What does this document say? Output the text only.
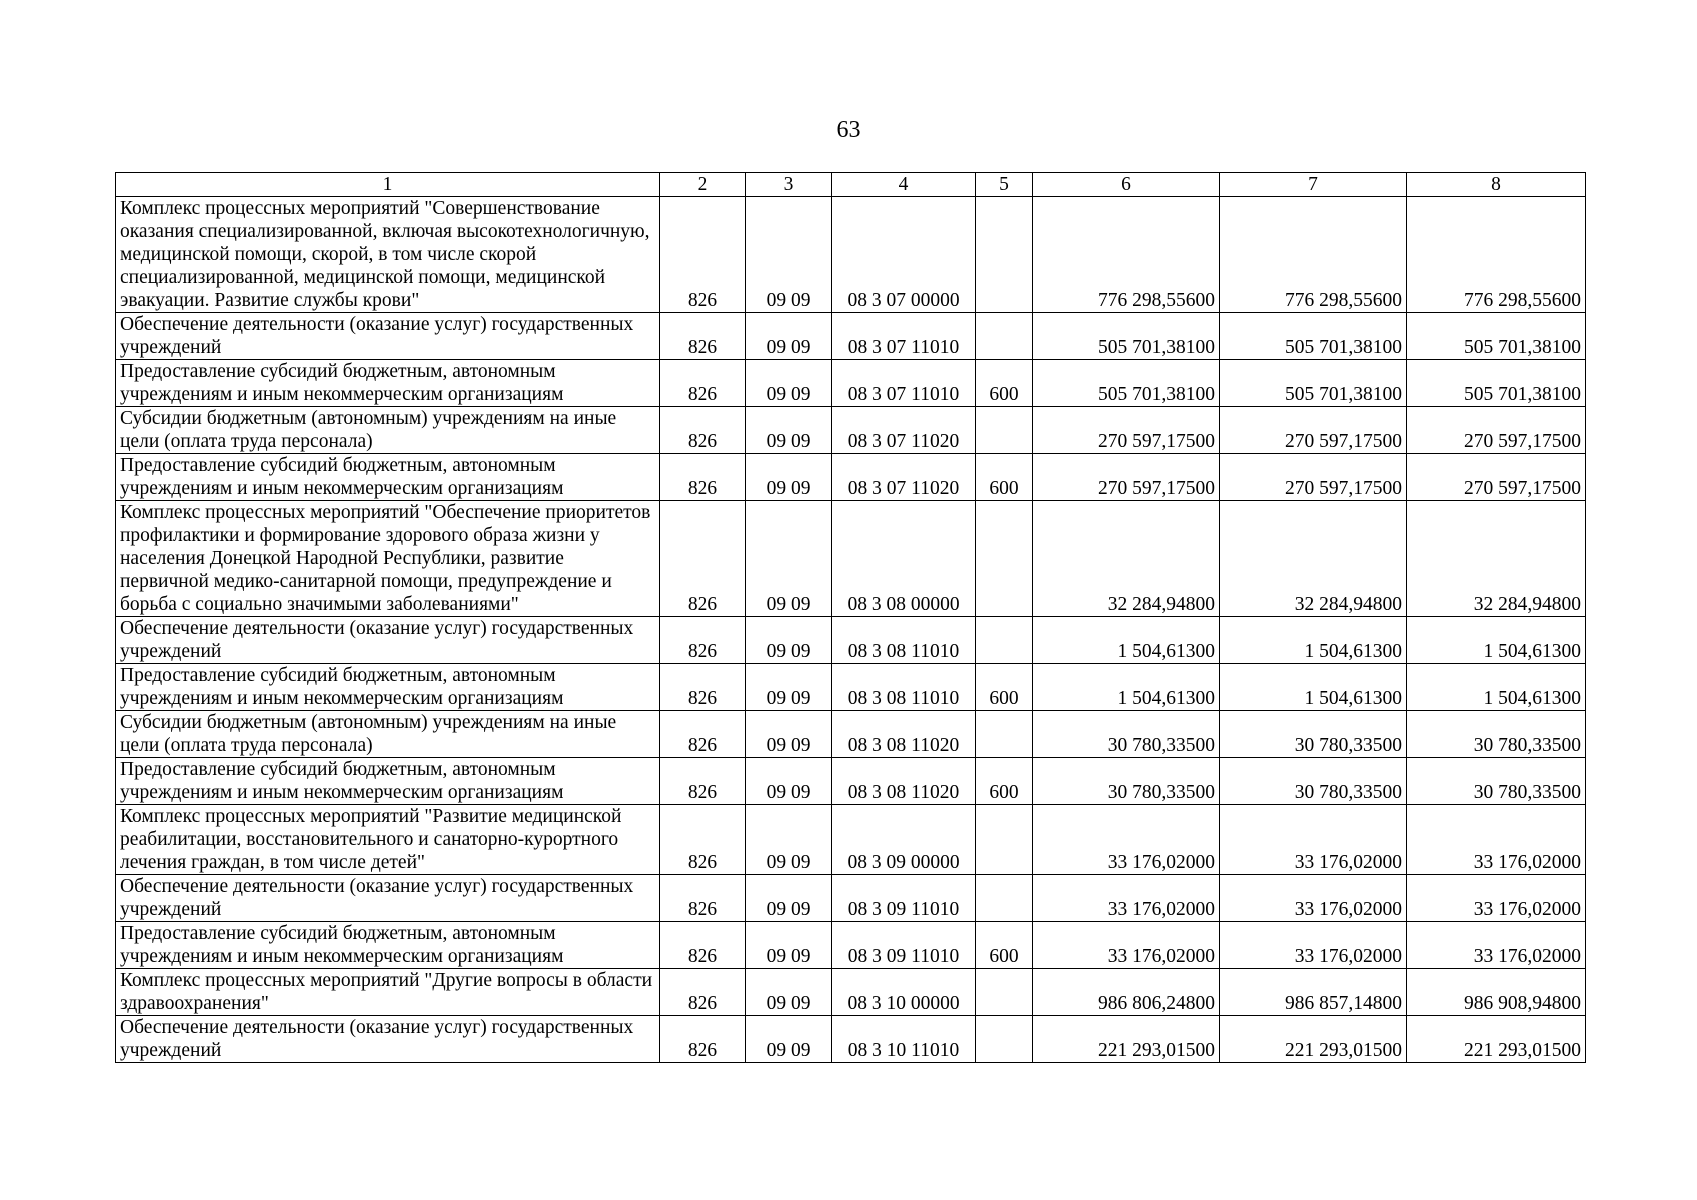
63
1	2	3	4	5	6	7	8
Комплекс процессных мероприятий "Совершенствование оказания специализированной, включая высокотехнологичную, медицинской помощи, скорой, в том числе скорой специализированной, медицинской помощи, медицинской эвакуации. Развитие службы крови"	826	09 09	08 3 07 00000		776 298,55600	776 298,55600	776 298,55600
Обеспечение деятельности (оказание услуг) государственных учреждений	826	09 09	08 3 07 11010		505 701,38100	505 701,38100	505 701,38100
Предоставление субсидий бюджетным, автономным учреждениям и иным некоммерческим организациям	826	09 09	08 3 07 11010	600	505 701,38100	505 701,38100	505 701,38100
Субсидии бюджетным (автономным) учреждениям на иные цели (оплата труда персонала)	826	09 09	08 3 07 11020		270 597,17500	270 597,17500	270 597,17500
Предоставление субсидий бюджетным, автономным учреждениям и иным некоммерческим организациям	826	09 09	08 3 07 11020	600	270 597,17500	270 597,17500	270 597,17500
Комплекс процессных мероприятий "Обеспечение приоритетов профилактики и формирование здорового образа жизни у населения Донецкой Народной Республики, развитие первичной медико-санитарной помощи, предупреждение и борьба с социально значимыми заболеваниями"	826	09 09	08 3 08 00000		32 284,94800	32 284,94800	32 284,94800
Обеспечение деятельности (оказание услуг) государственных учреждений	826	09 09	08 3 08 11010		1 504,61300	1 504,61300	1 504,61300
Предоставление субсидий бюджетным, автономным учреждениям и иным некоммерческим организациям	826	09 09	08 3 08 11010	600	1 504,61300	1 504,61300	1 504,61300
Субсидии бюджетным (автономным) учреждениям на иные цели (оплата труда персонала)	826	09 09	08 3 08 11020		30 780,33500	30 780,33500	30 780,33500
Предоставление субсидий бюджетным, автономным учреждениям и иным некоммерческим организациям	826	09 09	08 3 08 11020	600	30 780,33500	30 780,33500	30 780,33500
Комплекс процессных мероприятий "Развитие медицинской реабилитации, восстановительного и санаторно-курортного лечения граждан, в том числе детей"	826	09 09	08 3 09 00000		33 176,02000	33 176,02000	33 176,02000
Обеспечение деятельности (оказание услуг) государственных учреждений	826	09 09	08 3 09 11010		33 176,02000	33 176,02000	33 176,02000
Предоставление субсидий бюджетным, автономным учреждениям и иным некоммерческим организациям	826	09 09	08 3 09 11010	600	33 176,02000	33 176,02000	33 176,02000
Комплекс процессных мероприятий "Другие вопросы в области здравоохранения"	826	09 09	08 3 10 00000		986 806,24800	986 857,14800	986 908,94800
Обеспечение деятельности (оказание услуг) государственных учреждений	826	09 09	08 3 10 11010		221 293,01500	221 293,01500	221 293,01500
